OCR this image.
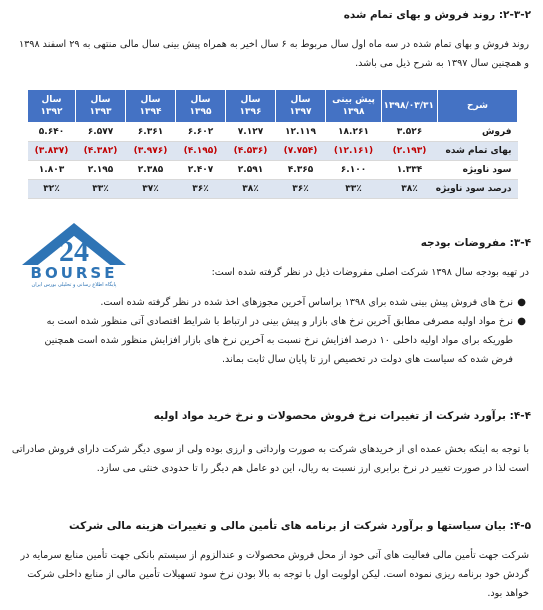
۲-۳-۲: روند فروش و بهای تمام شده
روند فروش و بهای تمام شده در سه ماه اول سال مربوط به ۶ سال اخیر به همراه پیش بینی سال مالی منتهی به ۲۹ اسفند ۱۳۹۸
و همچنین سال ۱۳۹۷ به شرح ذیل می باشد.
شرح	۱۳۹۸/۰۳/۳۱	پیش بینی ۱۳۹۸	سال ۱۳۹۷	سال ۱۳۹۶	سال ۱۳۹۵	سال ۱۳۹۴	سال ۱۳۹۳	سال ۱۳۹۲
فروش	۳.۵۲۶	۱۸.۲۶۱	۱۲.۱۱۹	۷.۱۲۷	۶.۶۰۲	۶.۳۶۱	۶.۵۷۷	۵.۶۴۰
بهای تمام شده	(۲.۱۹۳)	(۱۲.۱۶۱)	(۷.۷۵۴)	(۴.۵۳۶)	(۴.۱۹۵)	(۳.۹۷۶)	(۴.۳۸۲)	(۳.۸۳۷)
سود ناویژه	۱.۳۳۴	۶.۱۰۰	۴.۳۶۵	۲.۵۹۱	۲.۴۰۷	۲.۳۸۵	۲.۱۹۵	۱.۸۰۳
درصد سود ناویژه	۳۸٪	۳۳٪	۳۶٪	۳۸٪	۳۶٪	۳۷٪	۳۳٪	۳۲٪
24
BOURSE
پایگاه اطلاع رسانی و تحلیلی بورس ایران
۳-۴: مفروضات بودجه
در تهیه بودجه سال ۱۳۹۸ شرکت اصلی مفروضات ذیل در نظر گرفته شده است:
●
نرخ های فروش پیش بینی شده برای ۱۳۹۸ براساس آخرین مجوزهای اخذ شده در نظر گرفته شده است.
●
نرخ مواد اولیه مصرفی مطابق آخرین نرخ های بازار و پیش بینی در ارتباط با شرایط اقتصادی آتی منظور شده است به
طوریکه برای مواد اولیه داخلی ۱۰ درصد افزایش نرخ نسبت به آخرین نرخ های بازار افزایش منظور شده است همچنین
فرض شده که سیاست های دولت در تخصیص ارز تا پایان سال ثابت بماند.
۴-۴: برآورد شرکت از تغییرات نرخ فروش محصولات و نرخ خرید مواد اولیه
با توجه به اینکه بخش عمده ای از خریدهای شرکت به صورت وارداتی و ارزی بوده ولی از سوی دیگر شرکت دارای فروش صادراتی
است لذا در صورت تغییر در نرخ برابری ارز نسبت به ریال، این دو عامل هم دیگر را تا حدودی خنثی می سازد.
۴-۵: بیان سیاستها و برآورد شرکت از برنامه های تأمین مالی و تغییرات هزینه مالی شرکت
شرکت جهت تأمین مالی فعالیت های آتی خود از محل فروش محصولات و عندالزوم از سیستم بانکی جهت تأمین منابع سرمایه در
گردش خود برنامه ریزی نموده است. لیکن اولویت اول با توجه به بالا بودن نرخ سود تسهیلات تأمین مالی از منابع داخلی شرکت
خواهد بود.
